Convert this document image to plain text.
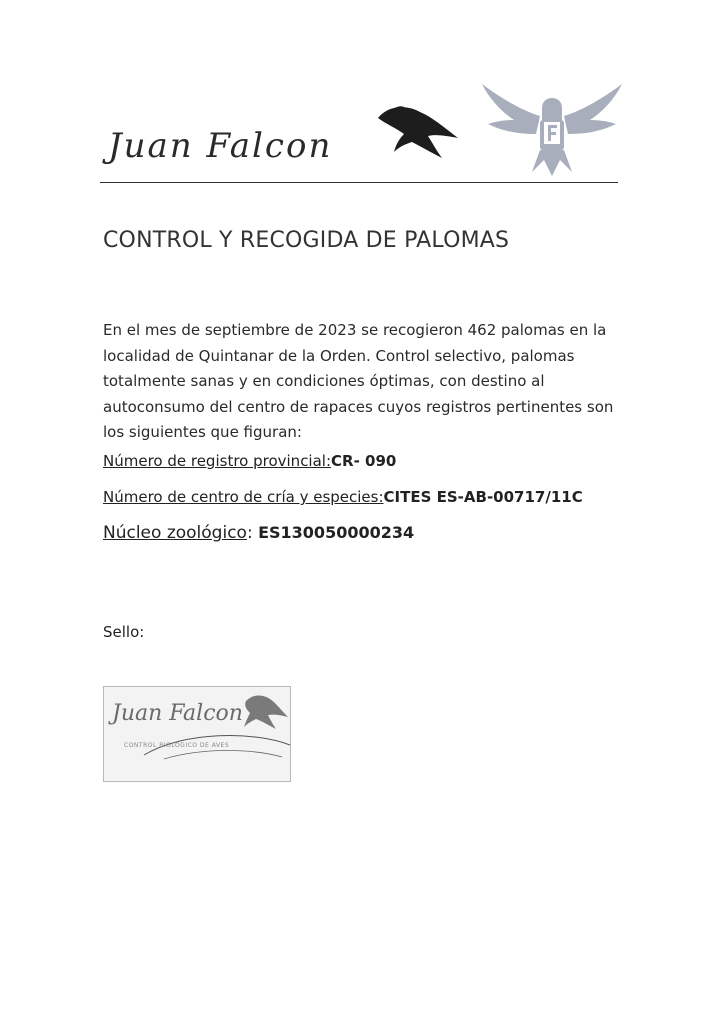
Juan Falcon
CONTROL Y RECOGIDA DE PALOMAS
En el mes de septiembre de 2023 se recogieron 462 palomas en la localidad de Quintanar de la Orden. Control selectivo, palomas totalmente sanas y en condiciones óptimas, con destino al autoconsumo del centro de rapaces cuyos registros pertinentes son los siguientes que figuran:
Número de registro provincial:CR- 090
Número de centro de cría y especies:CITES ES-AB-00717/11C
Núcleo zoológico: ES130050000234
Sello:
Juan Falcon
CONTROL BIOLÓGICO DE AVES
